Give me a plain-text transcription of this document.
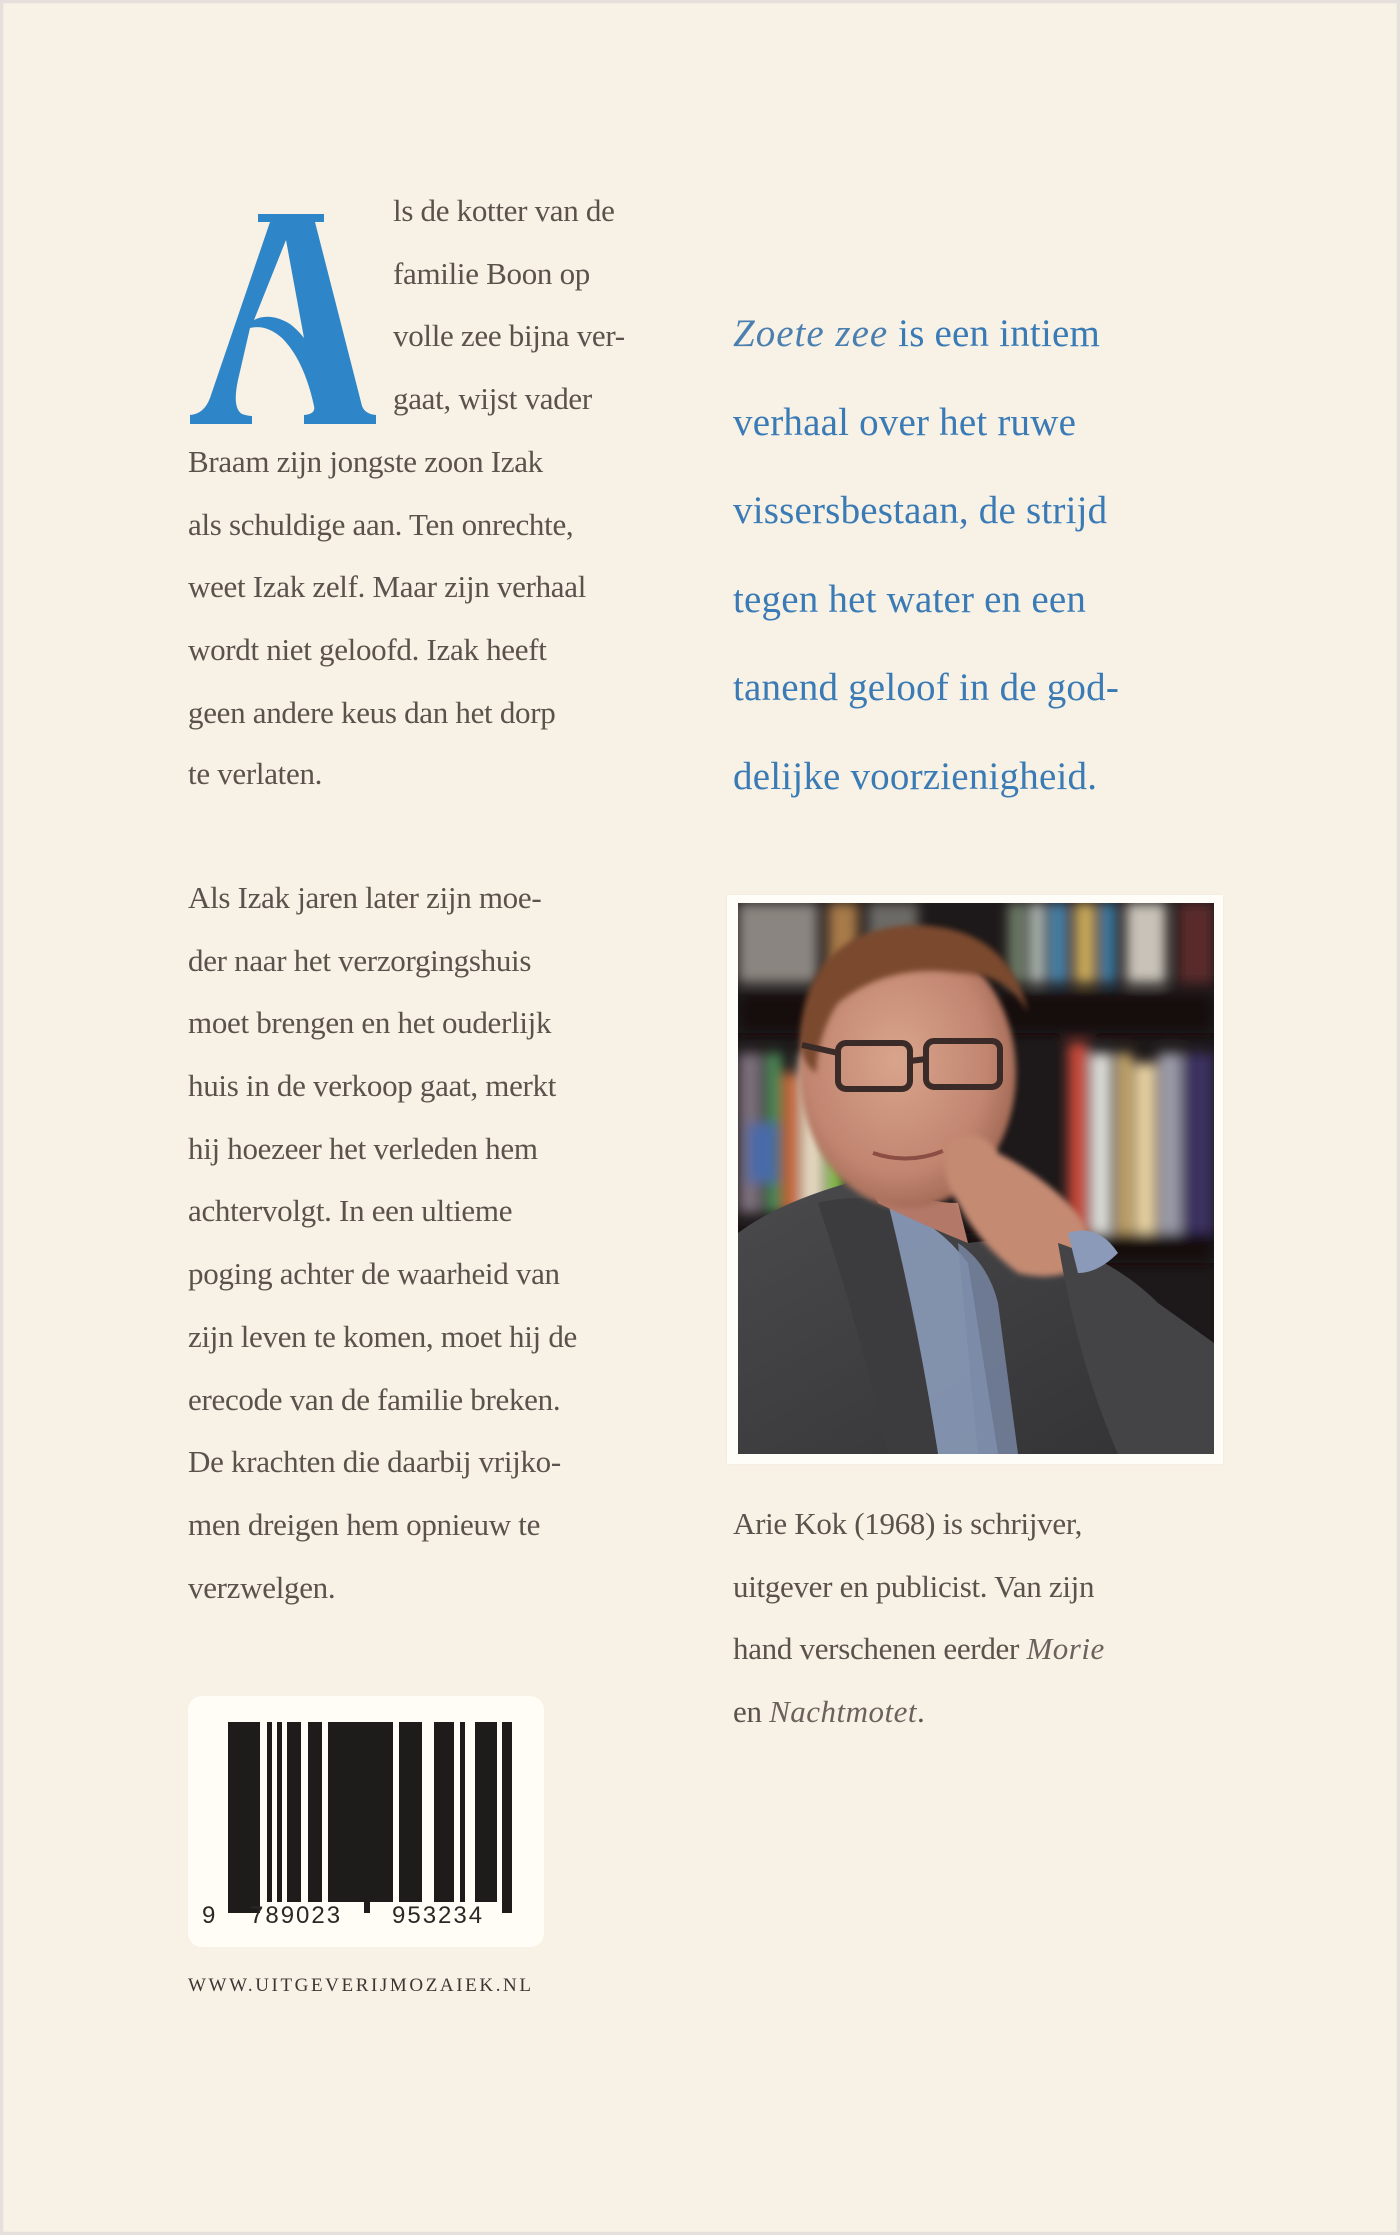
ls de kotter van de
familie Boon op
volle zee bijna ver-
gaat, wijst vader
Braam zijn jongste zoon Izak
als schuldige aan. Ten onrechte,
weet Izak zelf. Maar zijn verhaal
wordt niet geloofd. Izak heeft
geen andere keus dan het dorp
te verlaten.
Als Izak jaren later zijn moe-
der naar het verzorgingshuis
moet brengen en het ouderlijk
huis in de verkoop gaat, merkt
hij hoezeer het verleden hem
achtervolgt. In een ultieme
poging achter de waarheid van
zijn leven te komen, moet hij de
erecode van de familie breken.
De krachten die daarbij vrijko-
men dreigen hem opnieuw te
verzwelgen.
Zoete zee is een intiem
verhaal over het ruwe
vissersbestaan, de strijd
tegen het water en een
tanend geloof in de god-
delijke voorzienigheid.
Arie Kok (1968) is schrijver,
uitgever en publicist. Van zijn
hand verschenen eerder Morie
en Nachtmotet.
9 789023 953234
WWW.UITGEVERIJMOZAIEK.NL
